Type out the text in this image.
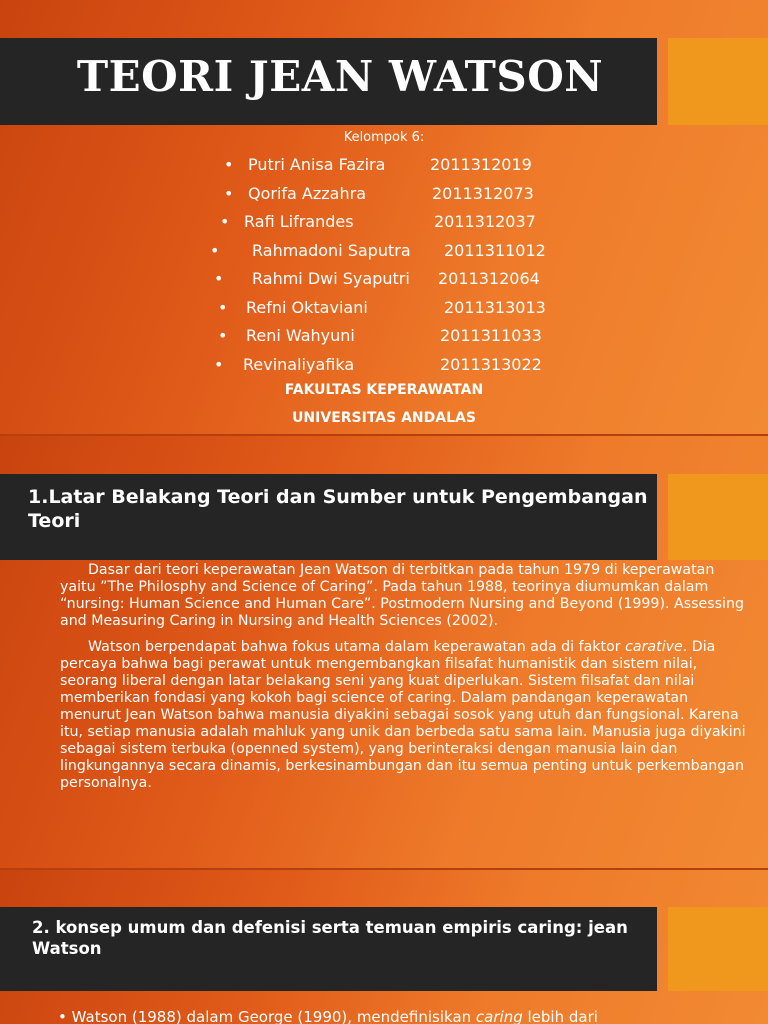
TEORI JEAN WATSON
Kelompok 6:

•

Putri Anisa Fazira

	2011312019

•

Qorifa Azzahra

	2011312073

•

Rafi Lifrandes

	2011312037

•

Rahmadoni Saputra

2011311012

•

Rahmi Dwi Syaputri

2011312064

•

Refni Oktaviani

	2011313013

•

Reni Wahyuni

	2011311033

•

Revinaliyafika

	2011313022

FAKULTAS KEPERAWATAN
UNIVERSITAS ANDALAS
1.Latar Belakang Teori dan Sumber untuk Pengembangan Teori

Dasar dari teori keperawatan Jean Watson di terbitkan pada tahun 1979 di keperawatan yaitu ”The Philosphy and Science of Caring”. Pada tahun 1988, teorinya diumumkan dalam “nursing: Human Science and Human Care”. Postmodern Nursing and Beyond (1999). Assessing and Measuring Caring in Nursing and Health Sciences (2002).

Watson berpendapat bahwa fokus utama dalam keperawatan ada di faktor carative. Dia percaya bahwa bagi perawat untuk mengembangkan filsafat humanistik dan sistem nilai, seorang liberal dengan latar belakang seni yang kuat diperlukan. Sistem filsafat dan nilai memberikan fondasi yang kokoh bagi science of caring. Dalam pandangan keperawatan menurut Jean Watson bahwa manusia diyakini sebagai sosok yang utuh dan fungsional. Karena itu, setiap manusia adalah mahluk yang unik dan berbeda satu sama lain. Manusia juga diyakini sebagai sistem terbuka (openned system), yang berinteraksi dengan manusia lain dan lingkungannya secara dinamis, berkesinambungan dan itu semua penting untuk perkembangan personalnya.

2. konsep umum dan defenisi serta temuan empiris caring: jean Watson
• Watson (1988) dalam George (1990), mendefinisikan caring lebih dari
